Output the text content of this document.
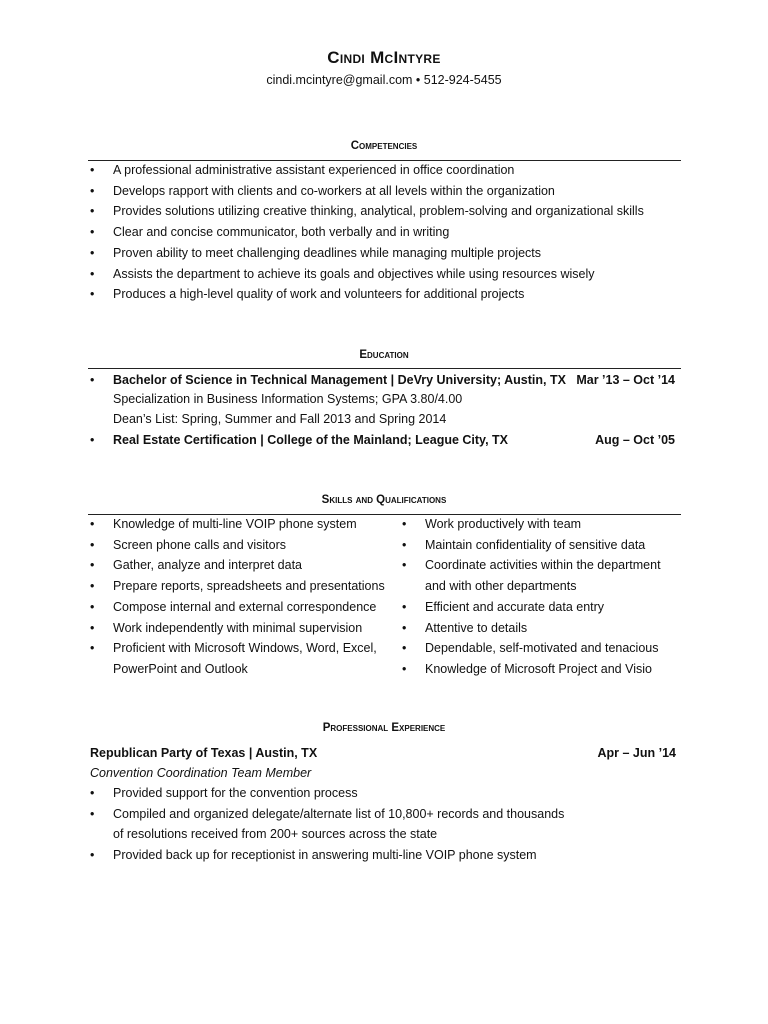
Cindi McIntyre
cindi.mcintyre@gmail.com • 512-924-5455
Competencies
• A professional administrative assistant experienced in office coordination
• Develops rapport with clients and co-workers at all levels within the organization
• Provides solutions utilizing creative thinking, analytical, problem-solving and organizational skills
• Clear and concise communicator, both verbally and in writing
• Proven ability to meet challenging deadlines while managing multiple projects
• Assists the department to achieve its goals and objectives while using resources wisely
• Produces a high-level quality of work and volunteers for additional projects
Education
• Bachelor of Science in Technical Management | DeVry University; Austin, TX Mar ’13 – Oct ’14
Specialization in Business Information Systems; GPA 3.80/4.00
Dean’s List: Spring, Summer and Fall 2013 and Spring 2014
• Real Estate Certification | College of the Mainland; League City, TX	Aug – Oct ’05
Skills and Qualifications
• Knowledge of multi-line VOIP phone system
• Screen phone calls and visitors
• Gather, analyze and interpret data
• Prepare reports, spreadsheets and presentations
• Compose internal and external correspondence
• Work independently with minimal supervision
• Proficient with Microsoft Windows, Word, Excel, PowerPoint and Outlook
• Work productively with team
• Maintain confidentiality of sensitive data
• Coordinate activities within the department and with other departments
• Efficient and accurate data entry
• Attentive to details
• Dependable, self-motivated and tenacious
• Knowledge of Microsoft Project and Visio
Professional Experience
Republican Party of Texas | Austin, TX	Apr – Jun ’14
Convention Coordination Team Member
• Provided support for the convention process
• Compiled and organized delegate/alternate list of 10,800+ records and thousands of resolutions received from 200+ sources across the state
• Provided back up for receptionist in answering multi-line VOIP phone system
